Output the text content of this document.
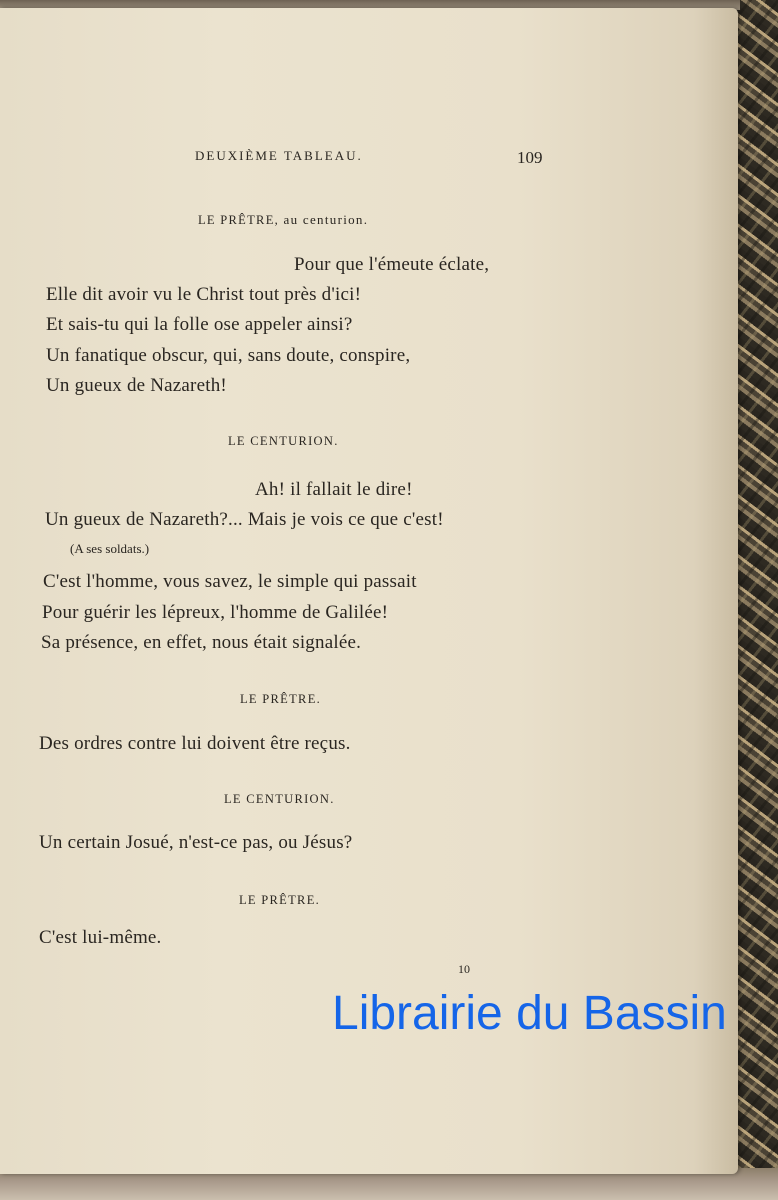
DEUXIÈME TABLEAU.	109
LE PRÊTRE, au centurion.
Pour que l'émeute éclate,
Elle dit avoir vu le Christ tout près d'ici!
Et sais-tu qui la folle ose appeler ainsi?
Un fanatique obscur, qui, sans doute, conspire,
Un gueux de Nazareth!
LE CENTURION.
Ah! il fallait le dire!
Un gueux de Nazareth?... Mais je vois ce que c'est!
(A ses soldats.)
C'est l'homme, vous savez, le simple qui passait
Pour guérir les lépreux, l'homme de Galilée!
Sa présence, en effet, nous était signalée.
LE PRÊTRE.
Des ordres contre lui doivent être reçus.
LE CENTURION.
Un certain Josué, n'est-ce pas, ou Jésus?
LE PRÊTRE.
C'est lui-même.
10
Librairie du Bassin
